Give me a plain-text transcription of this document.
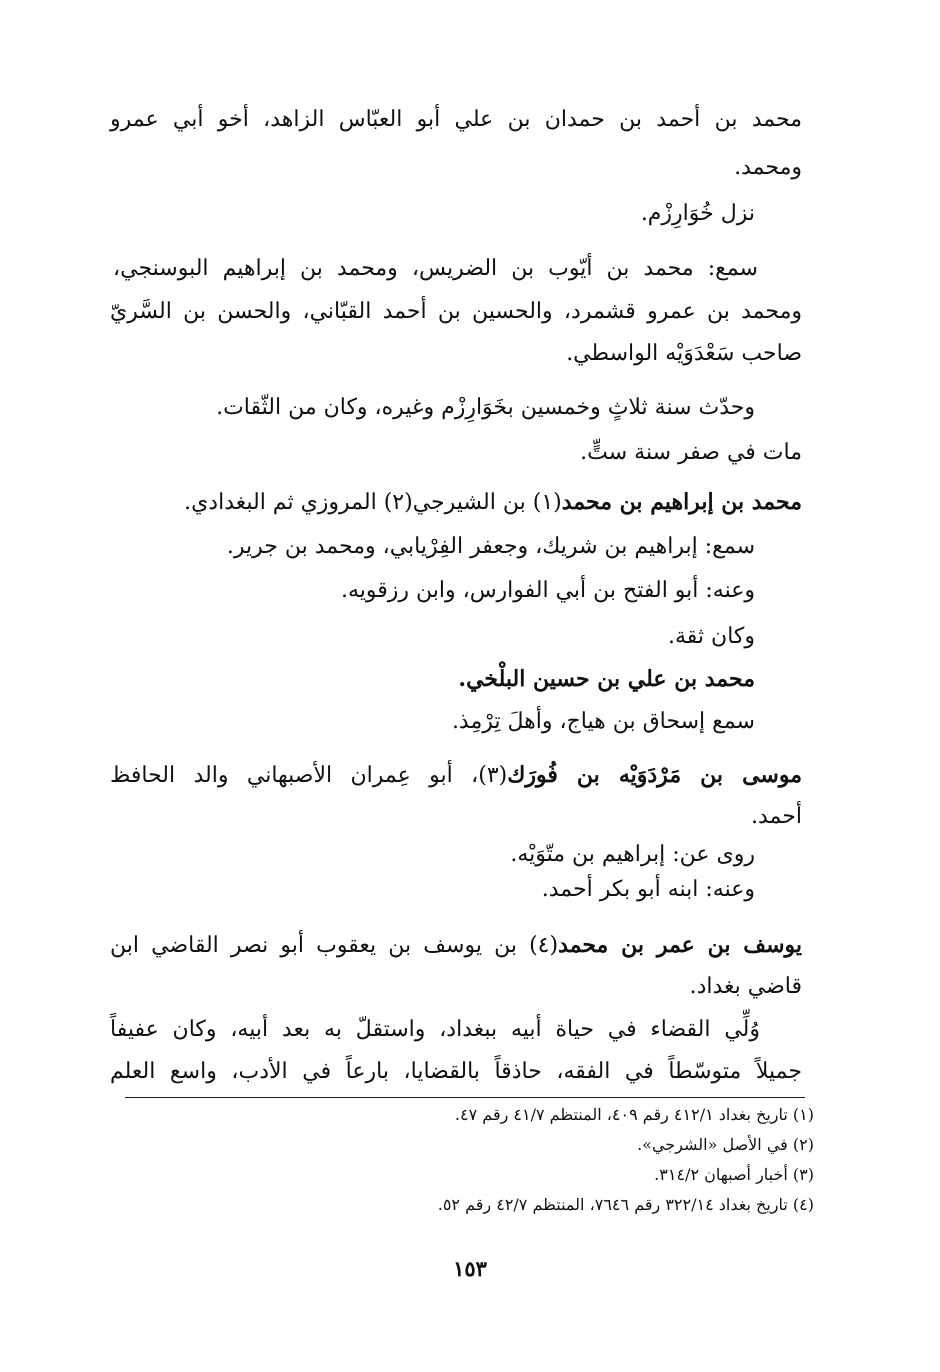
محمد بن أحمد بن حمدان بن علي أبو العبّاس الزاهد، أخو أبي عمرو
ومحمد.
نزل خُوَارِزْم.
سمع: محمد بن أيّوب بن الضريس، ومحمد بن إبراهيم البوسنجي،
ومحمد بن عمرو قشمرد، والحسين بن أحمد القبّاني، والحسن بن السَّريّ
صاحب سَعْدَوَيْه الواسطي.
وحدّث سنة ثلاثٍ وخمسين بخَوَارِزْم وغيره، وكان من الثّقات.
مات في صفر سنة ستٍّ.
محمد بن إبراهيم بن محمد(١) بن الشيرجي(٢) المروزي ثم البغدادي.
سمع: إبراهيم بن شريك، وجعفر الفِرْيابي، ومحمد بن جرير.
وعنه: أبو الفتح بن أبي الفوارس، وابن رزقويه.
وكان ثقة.
محمد بن علي بن حسين البلْخي.
سمع إسحاق بن هياج، وأهلَ تِرْمِذ.
موسى بن مَرْدَوَيْه بن فُورَك(٣)، أبو عِمران الأصبهاني والد الحافظ
أحمد.
روى عن: إبراهيم بن متّوَيْه.
وعنه: ابنه أبو بكر أحمد.
يوسف بن عمر بن محمد(٤) بن يوسف بن يعقوب أبو نصر القاضي ابن
قاضي بغداد.
وُلِّي القضاء في حياة أبيه ببغداد، واستقلّ به بعد أبيه، وكان عفيفاً
جميلاً متوسّطاً في الفقه، حاذقاً بالقضايا، بارعاً في الأدب، واسع العلم
(١) تاريخ بغداد ٤١٢/١ رقم ٤٠٩، المنتظم ٤١/٧ رقم ٤٧.
(٢) في الأصل «الشرجي».
(٣) أخبار أصبهان ٣١٤/٢.
(٤) تاريخ بغداد ٣٢٢/١٤ رقم ٧٦٤٦، المنتظم ٤٢/٧ رقم ٥٢.
١٥٣
